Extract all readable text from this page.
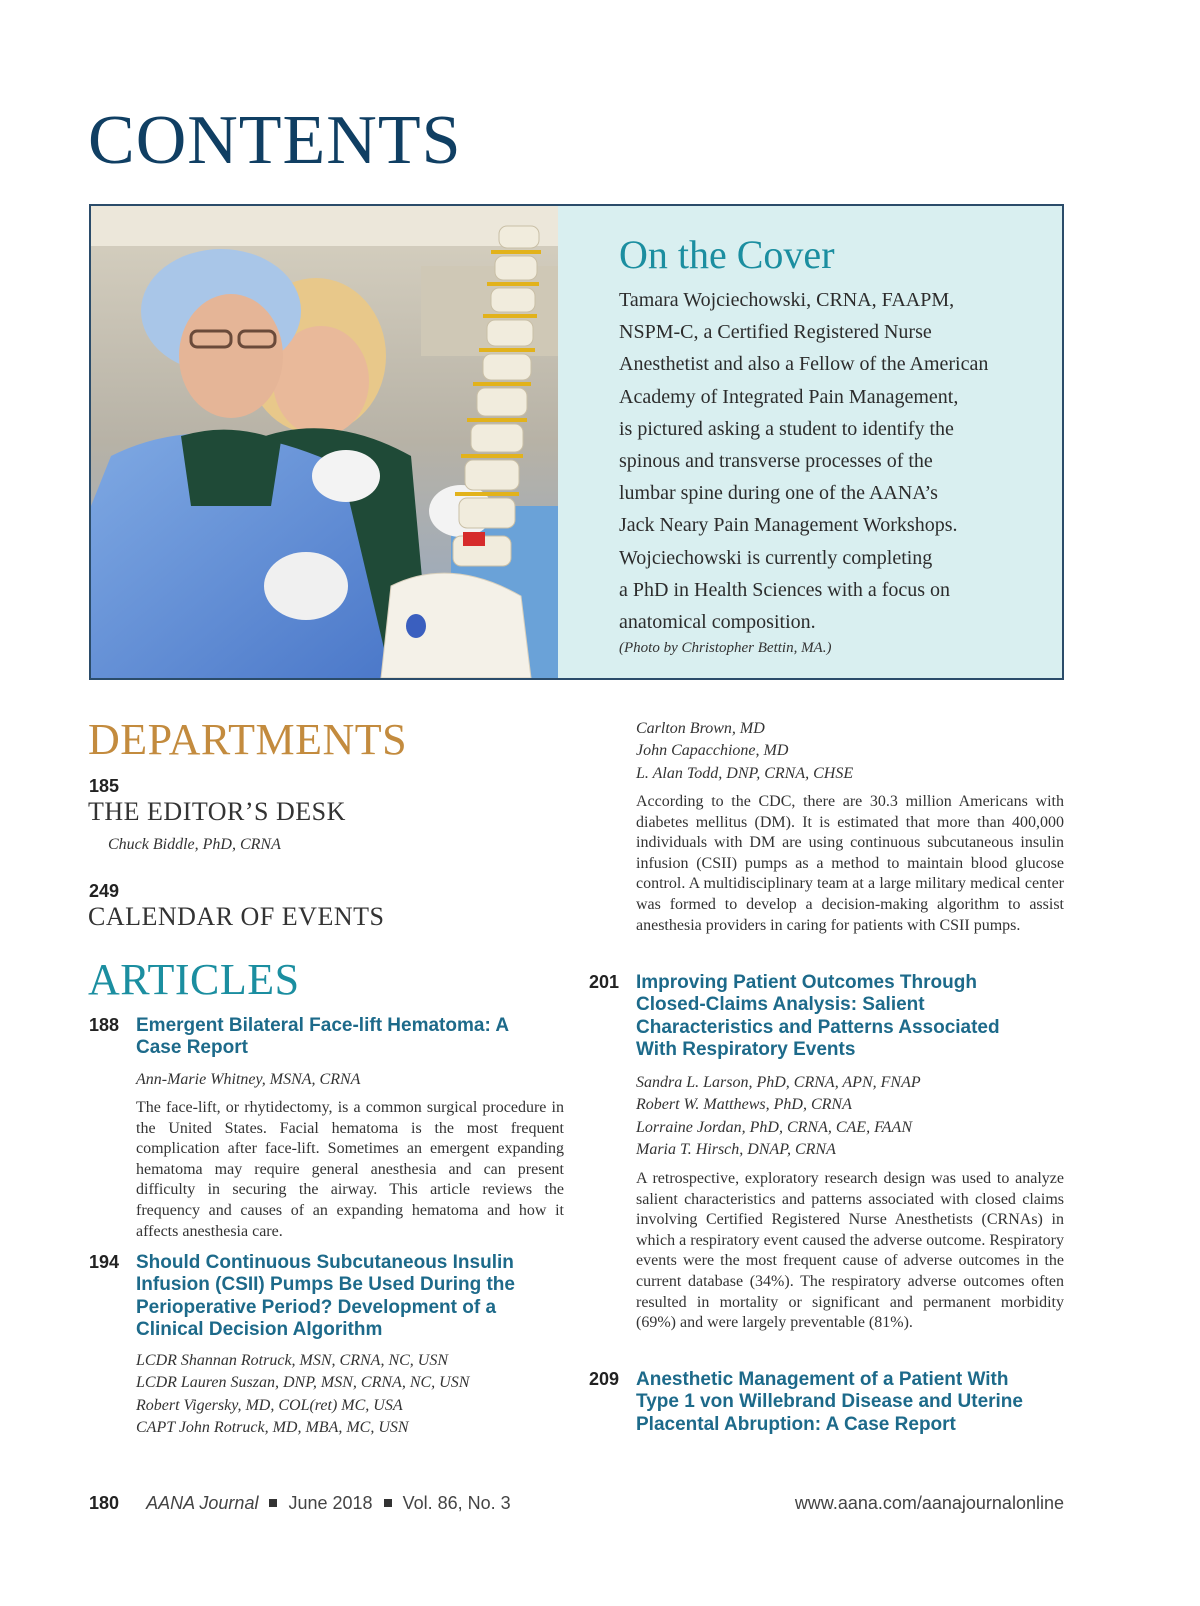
CONTENTS
On the Cover
Tamara Wojciechowski, CRNA, FAAPM,
NSPM-C, a Certified Registered Nurse
Anesthetist and also a Fellow of the American
Academy of Integrated Pain Management,
is pictured asking a student to identify the
spinous and transverse processes of the
lumbar spine during one of the AANA’s
Jack Neary Pain Management Workshops.
Wojciechowski is currently completing
a PhD in Health Sciences with a focus on
anatomical composition.
(Photo by Christopher Bettin, MA.)
DEPARTMENTS
185
THE EDITOR’S DESK
Chuck Biddle, PhD, CRNA
249
CALENDAR OF EVENTS
ARTICLES
188 Emergent Bilateral Face-lift Hematoma: A
Case Report
Ann-Marie Whitney, MSNA, CRNA
The face-lift, or rhytidectomy, is a common surgical procedure in the United States. Facial hematoma is the most frequent complication after face-lift. Sometimes an emergent expanding hematoma may require general anesthesia and can present difficulty in securing the airway. This article reviews the frequency and causes of an expanding hematoma and how it affects anesthesia care.
194 Should Continuous Subcutaneous Insulin
Infusion (CSII) Pumps Be Used During the
Perioperative Period? Development of a
Clinical Decision Algorithm
LCDR Shannan Rotruck, MSN, CRNA, NC, USN
LCDR Lauren Suszan, DNP, MSN, CRNA, NC, USN
Robert Vigersky, MD, COL(ret) MC, USA
CAPT John Rotruck, MD, MBA, MC, USN
Carlton Brown, MD
John Capacchione, MD
L. Alan Todd, DNP, CRNA, CHSE
According to the CDC, there are 30.3 million Americans with diabetes mellitus (DM). It is estimated that more than 400,000 individuals with DM are using continuous subcutaneous insulin infusion (CSII) pumps as a method to maintain blood glucose control. A multidisciplinary team at a large military medical center was formed to develop a decision-making algorithm to assist anesthesia providers in caring for patients with CSII pumps.
201 Improving Patient Outcomes Through
Closed-Claims Analysis: Salient
Characteristics and Patterns Associated
With Respiratory Events
Sandra L. Larson, PhD, CRNA, APN, FNAP
Robert W. Matthews, PhD, CRNA
Lorraine Jordan, PhD, CRNA, CAE, FAAN
Maria T. Hirsch, DNAP, CRNA
A retrospective, exploratory research design was used to analyze salient characteristics and patterns associated with closed claims involving Certified Registered Nurse Anesthetists (CRNAs) in which a respiratory event caused the adverse outcome. Respiratory events were the most frequent cause of adverse outcomes in the current database (34%). The respiratory adverse outcomes often resulted in mortality or significant and permanent morbidity (69%) and were largely preventable (81%).
209 Anesthetic Management of a Patient With
Type 1 von Willebrand Disease and Uterine
Placental Abruption: A Case Report
180 AANA Journal June 2018 Vol. 86, No. 3	www.aana.com/aanajournalonline
